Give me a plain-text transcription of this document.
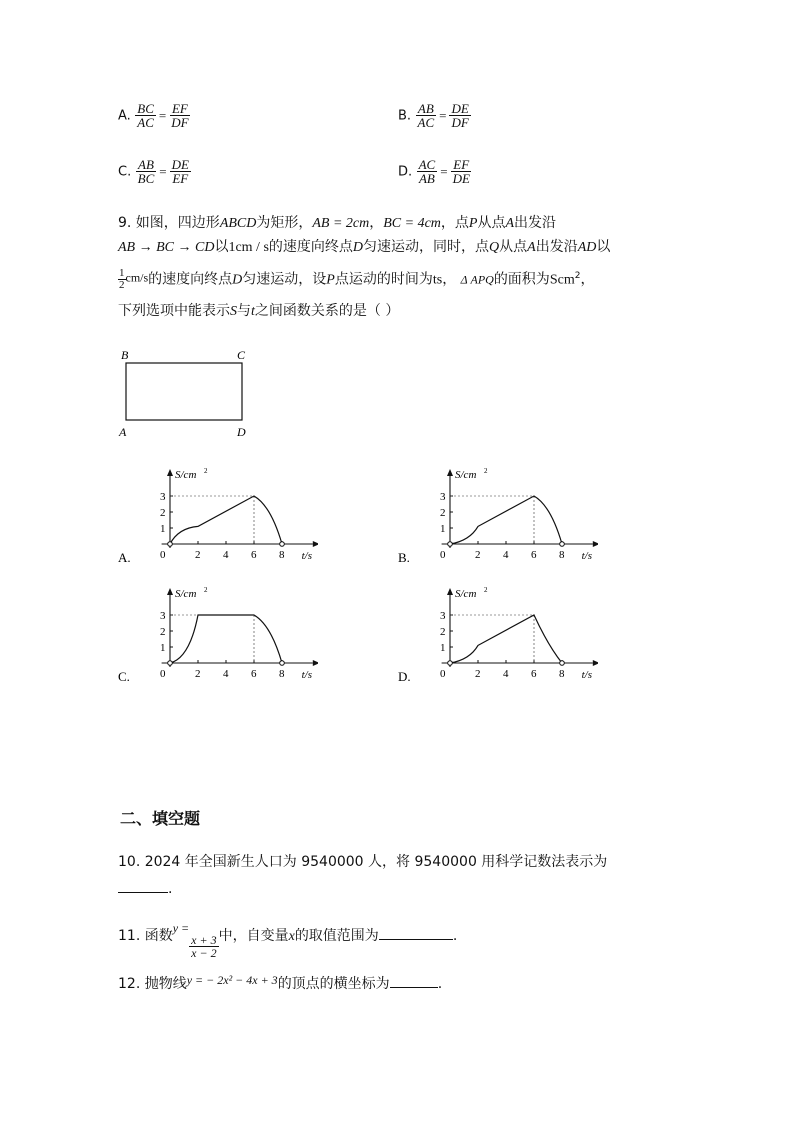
A. $\frac{BC}{AC} = \frac{EF}{DF}$	B. $\frac{AB}{AC} = \frac{DE}{DF}$
C. $\frac{AB}{BC} = \frac{DE}{EF}$	D. $\frac{AC}{AB} = \frac{EF}{DE}$
9. 如图，四边形ABCD为矩形，AB = 2cm，BC = 4cm，点P从点A出发沿
AB → BC → CD以1cm / s的速度向终点D匀速运动，同时，点Q从点A出发沿AD以
$\frac{1}{2} cm/s$的速度向终点D匀速运动，设P点运动的时间为ts， Δ APQ的面积为Scm$^2$，
下列选项中能表示S与t之间函数关系的是（ ）
B	C
A	D
1
2
3
2 4 6 8
0
S/cm 2
t/s
A.
1
2
3
2 4 6 8
0
S/cm 2
t/s
B.
1
2
3
2 4 6 8
0
S/cm 2
t/s
C.
1
2
3
2 4 6 8
0
S/cm 2
t/s
D.
二、填空题
10. 2024 年全国新生人口为 9540000 人，将 9540000 用科学记数法表示为
.
11. 函数y =
$\frac{x + 3}{x - 2}$ 中，自变量x的取值范围为	.
12. 抛物线y = − 2x² − 4x + 3的顶点的横坐标为	.
